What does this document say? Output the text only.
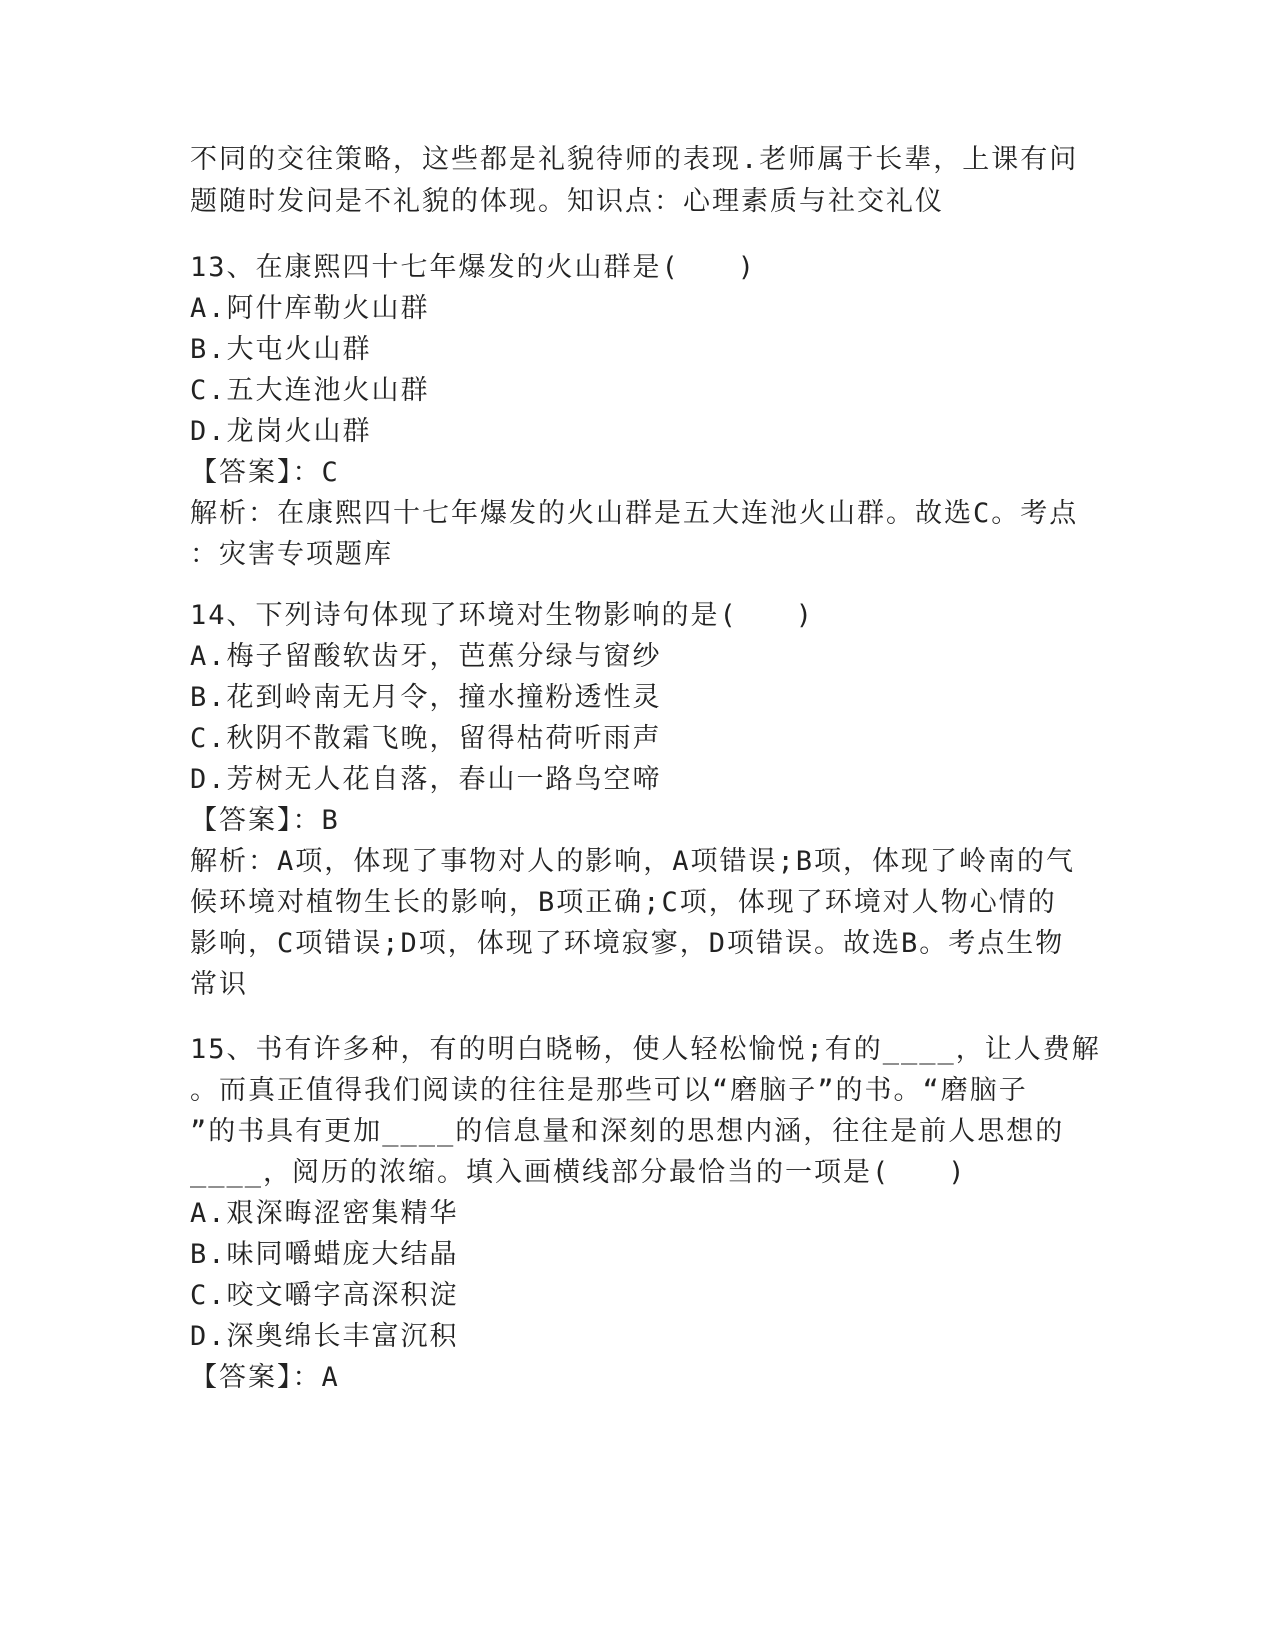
不同的交往策略，这些都是礼貌待师的表现.老师属于长辈，上课有问
题随时发问是不礼貌的体现。知识点：心理素质与社交礼仪
13、在康熙四十七年爆发的火山群是(　　)
A.阿什库勒火山群
B.大屯火山群
C.五大连池火山群
D.龙岗火山群
【答案】：C
解析：在康熙四十七年爆发的火山群是五大连池火山群。故选C。考点
：灾害专项题库
14、下列诗句体现了环境对生物影响的是(　　)
A.梅子留酸软齿牙，芭蕉分绿与窗纱
B.花到岭南无月令，撞水撞粉透性灵
C.秋阴不散霜飞晚，留得枯荷听雨声
D.芳树无人花自落，春山一路鸟空啼
【答案】：B
解析：A项，体现了事物对人的影响，A项错误;B项，体现了岭南的气
候环境对植物生长的影响，B项正确;C项，体现了环境对人物心情的
影响，C项错误;D项，体现了环境寂寥，D项错误。故选B。考点生物
常识
15、书有许多种，有的明白晓畅，使人轻松愉悦;有的____，让人费解
。而真正值得我们阅读的往往是那些可以“磨脑子”的书。“磨脑子
”的书具有更加____的信息量和深刻的思想内涵，往往是前人思想的
____，阅历的浓缩。填入画横线部分最恰当的一项是(　　)
A.艰深晦涩密集精华
B.味同嚼蜡庞大结晶
C.咬文嚼字高深积淀
D.深奥绵长丰富沉积
【答案】：A
